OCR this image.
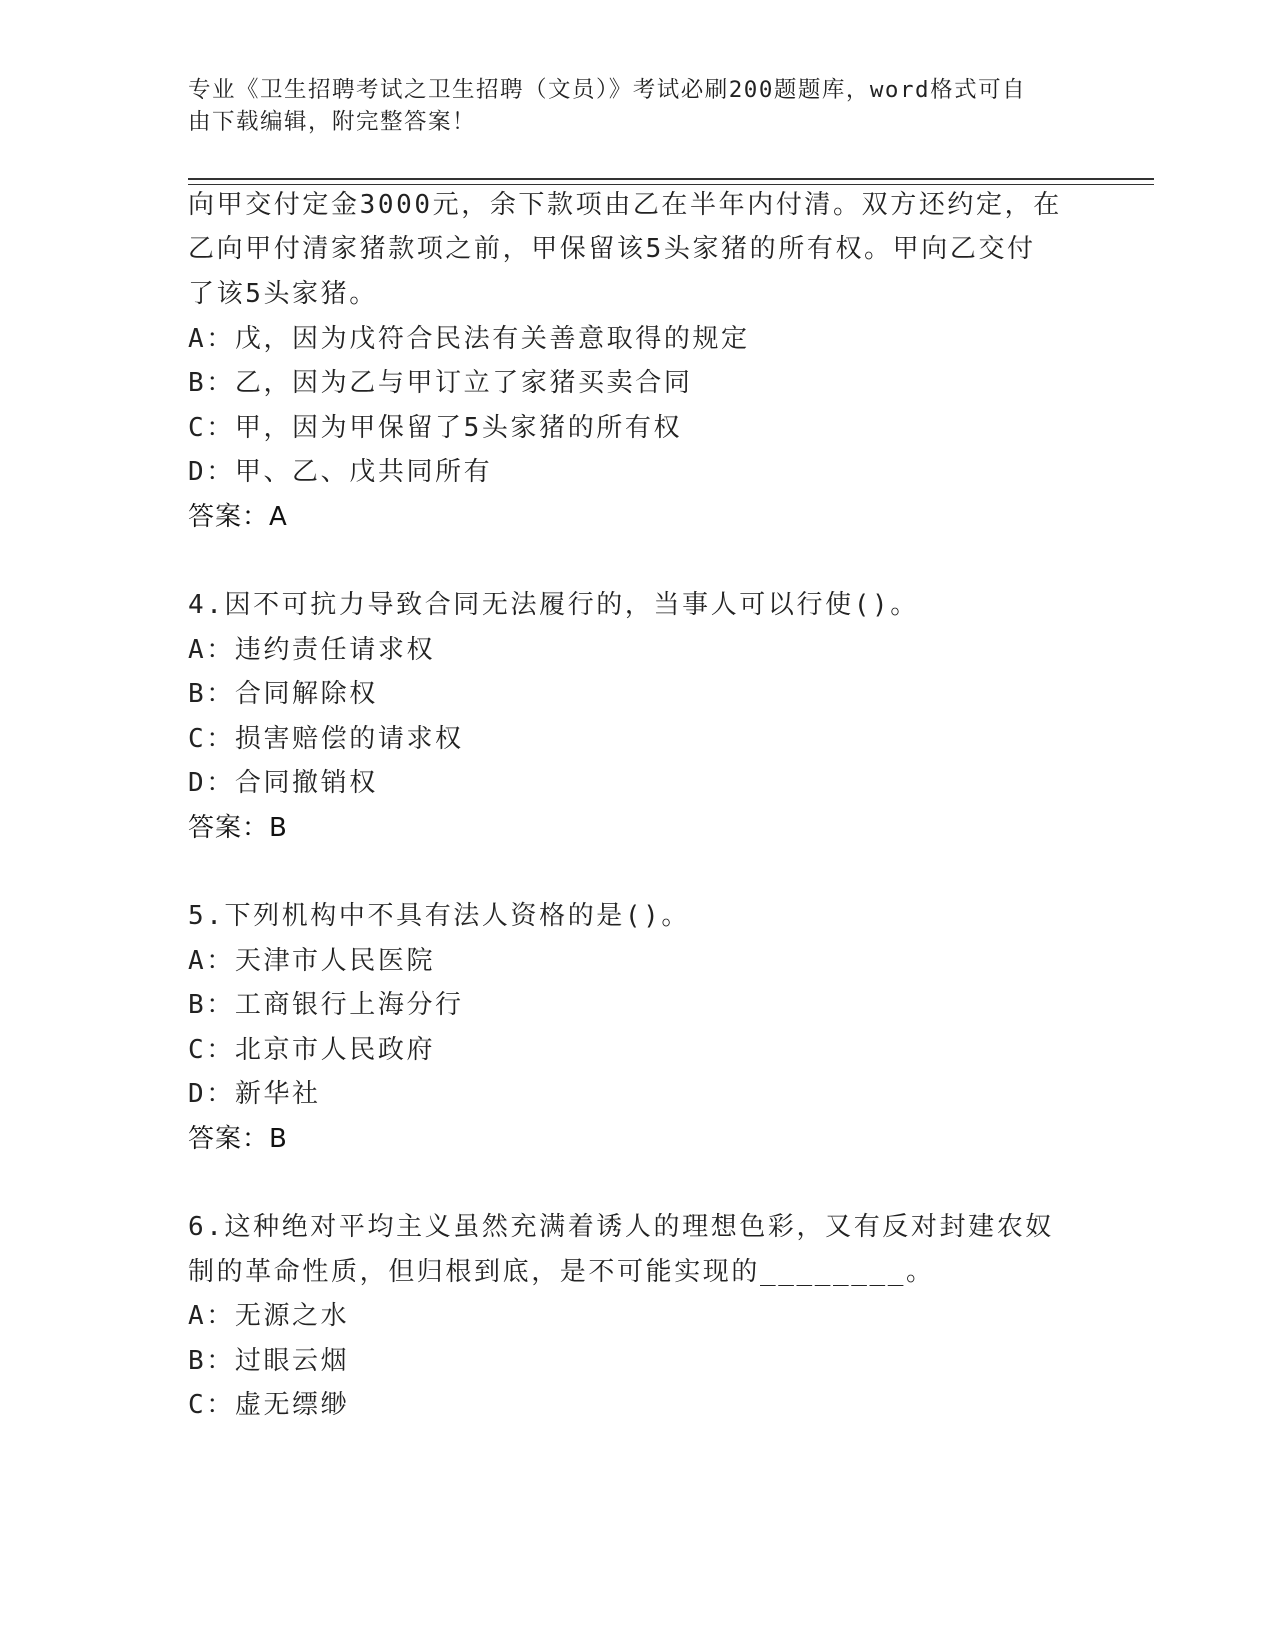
专业《卫生招聘考试之卫生招聘（文员）》考试必刷200题题库，word格式可自
由下载编辑，附完整答案！
向甲交付定金3000元，余下款项由乙在半年内付清。双方还约定，在
乙向甲付清家猪款项之前，甲保留该5头家猪的所有权。甲向乙交付
了该5头家猪。
A：戊，因为戊符合民法有关善意取得的规定
B：乙，因为乙与甲订立了家猪买卖合同
C：甲，因为甲保留了5头家猪的所有权
D：甲、乙、戊共同所有
答案：A
4.因不可抗力导致合同无法履行的，当事人可以行使()。
A：违约责任请求权
B：合同解除权
C：损害赔偿的请求权
D：合同撤销权
答案：B
5.下列机构中不具有法人资格的是()。
A：天津市人民医院
B：工商银行上海分行
C：北京市人民政府
D：新华社
答案：B
6.这种绝对平均主义虽然充满着诱人的理想色彩，又有反对封建农奴
制的革命性质，但归根到底，是不可能实现的________。
A：无源之水
B：过眼云烟
C：虚无缥缈
